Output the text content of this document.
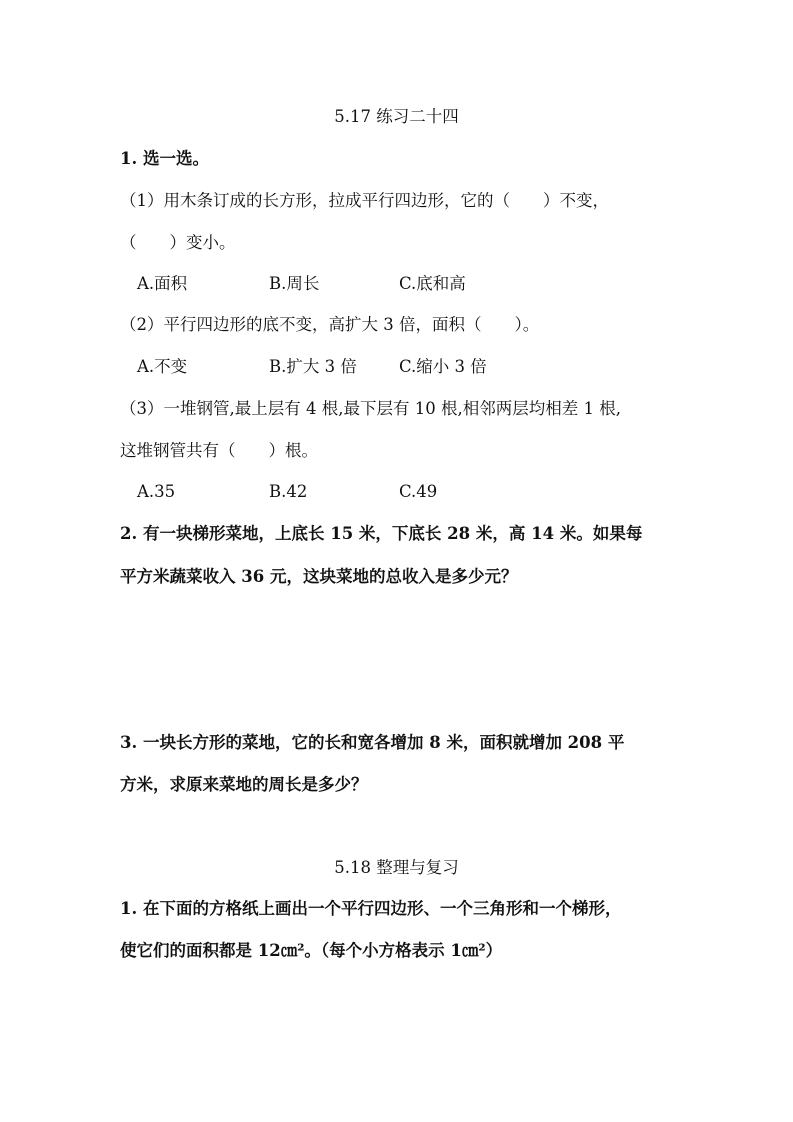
5.17 练习二十四
1. 选一选。
（1）用木条订成的长方形，拉成平行四边形，它的（　　）不变，
（　　）变小。
A.面积	B.周长	C.底和高
（2）平行四边形的底不变，高扩大 3 倍，面积（　　）。
A.不变	B.扩大 3 倍	C.缩小 3 倍
（3）一堆钢管,最上层有 4 根,最下层有 10 根,相邻两层均相差 1 根,
这堆钢管共有（　　）根。
A.35	B.42	C.49
2. 有一块梯形菜地，上底长 15 米，下底长 28 米，高 14 米。如果每
平方米蔬菜收入 36 元，这块菜地的总收入是多少元？
3. 一块长方形的菜地，它的长和宽各增加 8 米，面积就增加 208 平
方米，求原来菜地的周长是多少？
5.18 整理与复习
1. 在下面的方格纸上画出一个平行四边形、一个三角形和一个梯形，
使它们的面积都是 12㎝²。（每个小方格表示 1㎝²）
